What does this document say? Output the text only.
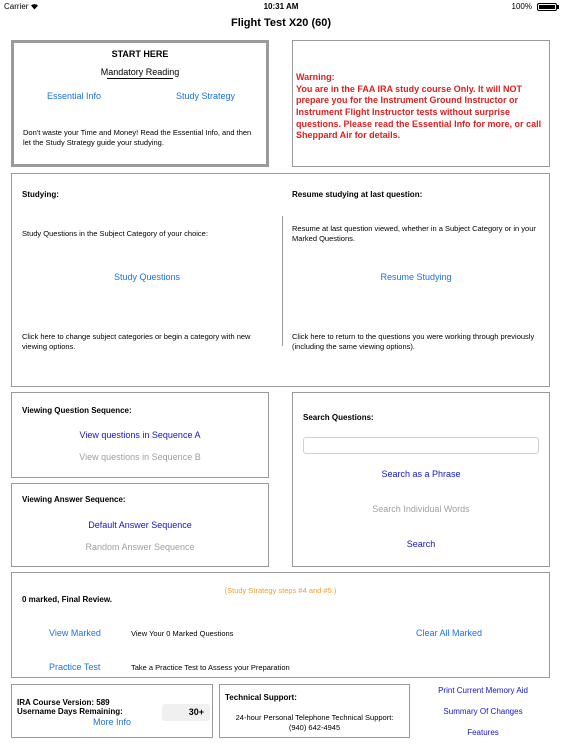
Carrier	10:31 AM	100%
Flight Test X20 (60)
START HERE
Mandatory Reading
Essential Info	Study Strategy
Don't waste your Time and Money! Read the Essential Info, and then let the Study Strategy guide your studying.
Warning:
You are in the FAA IRA study course Only. It will NOT prepare you for the Instrument Ground Instructor or Instrument Flight Instructor tests without surprise questions. Please read the Essential Info for more, or call Sheppard Air for details.
Studying:
Study Questions in the Subject Category of your choice:
Study Questions
Click here to change subject categories or begin a category with new viewing options.
Resume studying at last question:
Resume at last question viewed, whether in a Subject Category or in your Marked Questions.
Resume Studying
Click here to return to the questions you were working through previously (including the same viewing options).
Viewing Question Sequence:
View questions in Sequence A
View questions in Sequence B
Viewing Answer Sequence:
Default Answer Sequence
Random Answer Sequence
Search Questions:
Search as a Phrase
Search Individual Words
Search
(Study Strategy steps #4 and #5:)
0 marked, Final Review.
View Marked	View Your 0 Marked Questions	Clear All Marked
Practice Test	Take a Practice Test to Assess your Preparation
IRA Course Version: 589
Username Days Remaining:	30+
More Info
Technical Support:
24-hour Personal Telephone Technical Support:
(940) 642-4945
Print Current Memory Aid
Summary Of Changes
Features
